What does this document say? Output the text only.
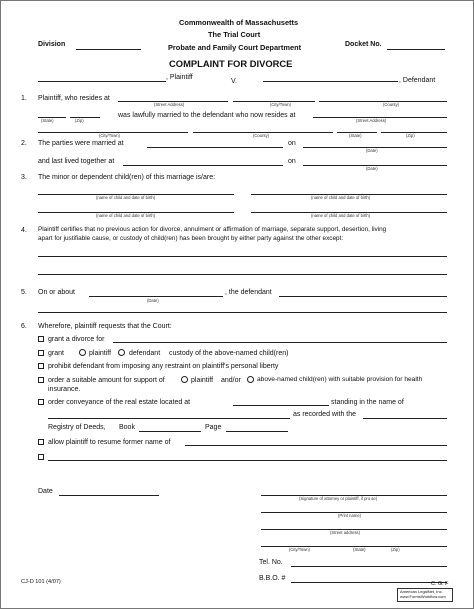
Commonwealth of Massachusetts
The Trial Court
Probate and Family Court Department
Division	Docket No.
COMPLAINT FOR DIVORCE
, Plaintiff
V.	, Defendant
1. Plaintiff, who resides at
(Street Address)	(City/Town)	(County)
was lawfully married to the defendant who now resides at
(State)	(Zip)	(Street Address)
(City/Town)	(County)	(State)	(Zip)
2. The parties were married at	on
(Date)
and last lived together at	on
(Date)
3. The minor or dependent child(ren) of this marriage is/are:
(name of child and date of birth)	(name of child and date of birth)
(name of child and date of birth)	(name of child and date of birth)
4. Plaintiff certifies that no previous action for divorce, annulment or affirmation of marriage, separate support, desertion, living
apart for justifiable cause, or custody of child(ren) has been brought by either party against the other except:
5. On or about	, the defendant
(Date)
6. Wherefore, plaintiff requests that the Court:
grant a divorce for
grant	plaintiff	defendant custody of the above-named child(ren)
prohibit defendant from imposing any restraint on plaintiff's personal liberty
order a suitable amount for support of	plaintiff and/or above-named child(ren) with suitable provision for health
insurance.
order conveyance of the real estate located at	standing in the name of
as recorded with the
Registry of Deeds, Book	Page
allow plaintiff to resume former name of
Date
(Signature of attorney or plaintiff, if pro se)
(Print name)
(Street address)
(City/Town)	(State)	(Zip)
Tel. No.
B.B.O. #
CJ-D 101 (4/07)	C. G. F
American LegalNet, Inc.
www.FormsWorkflow.com
